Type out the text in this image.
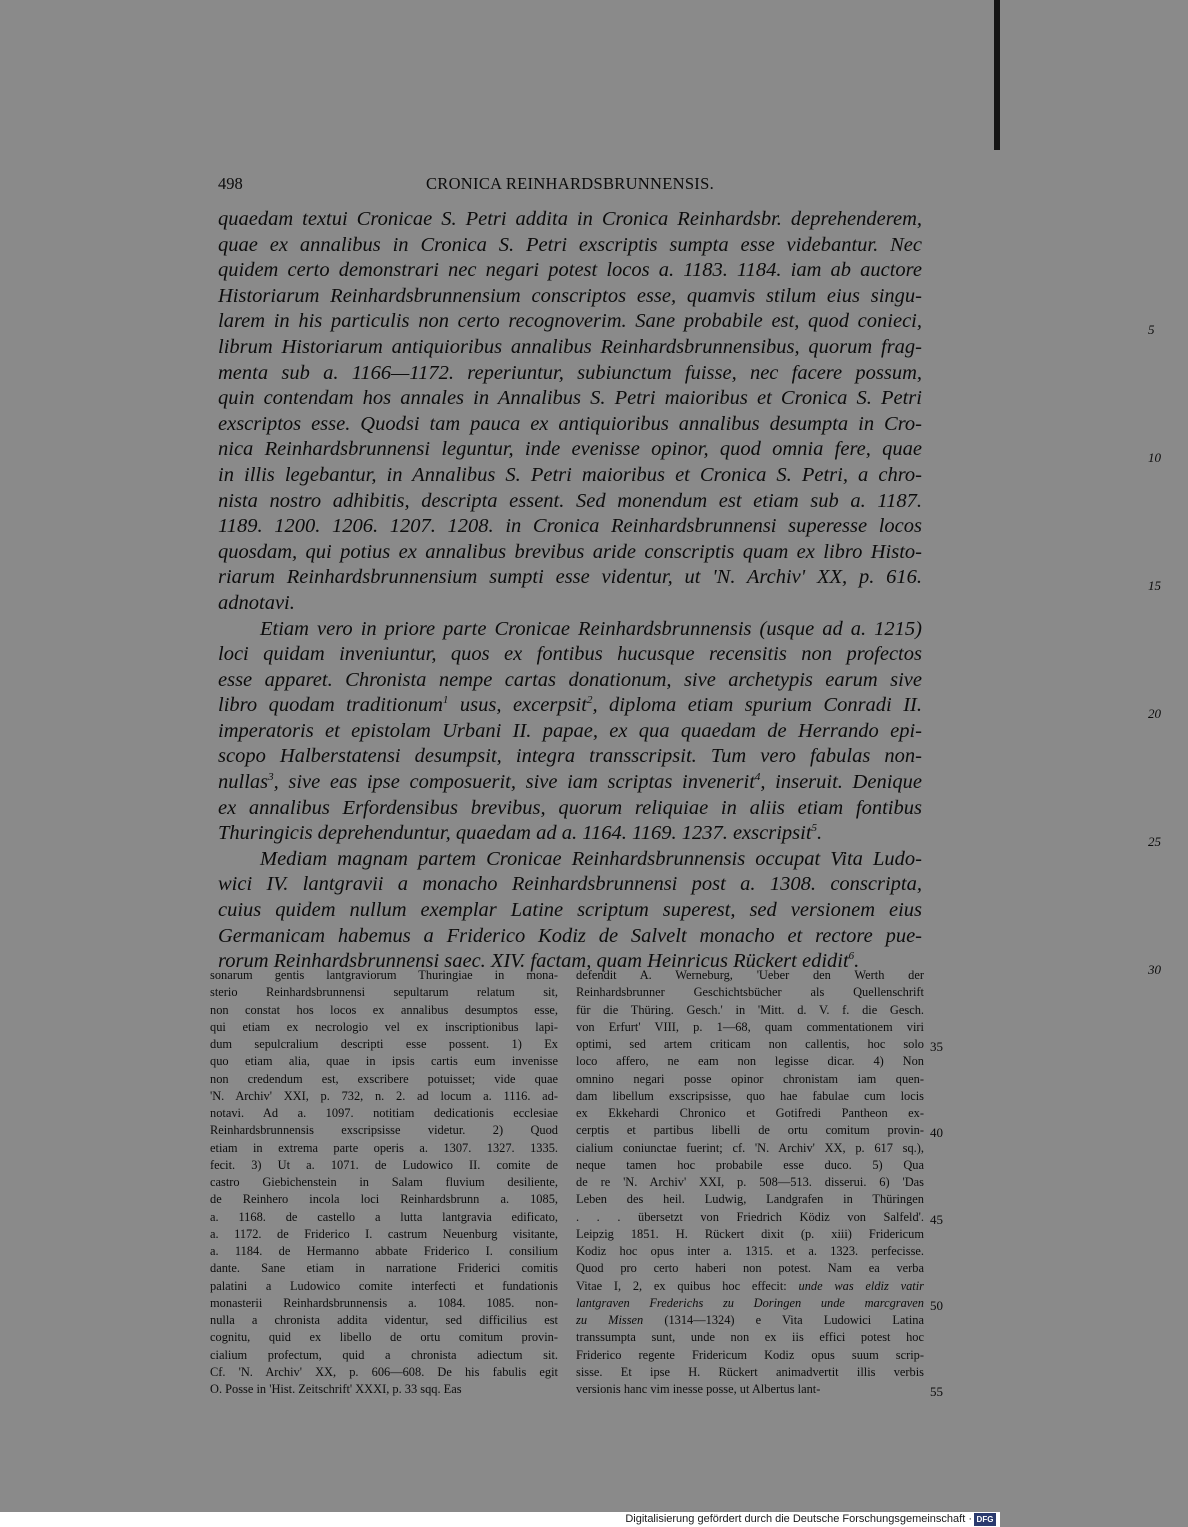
498	CRONICA REINHARDSBRUNNENSIS.
quaedam textui Cronicae S. Petri addita in Cronica Reinhardsbr. deprehenderem,
quae ex annalibus in Cronica S. Petri exscriptis sumpta esse videbantur. Nec
quidem certo demonstrari nec negari potest locos a. 1183. 1184. iam ab auctore
Historiarum Reinhardsbrunnensium conscriptos esse, quamvis stilum eius singu-
larem in his particulis non certo recognoverim. Sane probabile est, quod conieci,
librum Historiarum antiquioribus annalibus Reinhardsbrunnensibus, quorum frag-
menta sub a. 1166—1172. reperiuntur, subiunctum fuisse, nec facere possum,
quin contendam hos annales in Annalibus S. Petri maioribus et Cronica S. Petri
exscriptos esse. Quodsi tam pauca ex antiquioribus annalibus desumpta in Cro-
nica Reinhardsbrunnensi leguntur, inde evenisse opinor, quod omnia fere, quae
in illis legebantur, in Annalibus S. Petri maioribus et Cronica S. Petri, a chro-
nista nostro adhibitis, descripta essent. Sed monendum est etiam sub a. 1187.
1189. 1200. 1206. 1207. 1208. in Cronica Reinhardsbrunnensi superesse locos
quosdam, qui potius ex annalibus brevibus aride conscriptis quam ex libro Histo-
riarum Reinhardsbrunnensium sumpti esse videntur, ut 'N. Archiv' XX, p. 616.
adnotavi.
Etiam vero in priore parte Cronicae Reinhardsbrunnensis (usque ad a. 1215)
loci quidam inveniuntur, quos ex fontibus hucusque recensitis non profectos
esse apparet. Chronista nempe cartas donationum, sive archetypis earum sive
libro quodam traditionum$^1$ usus, excerpsit$^2$, diploma etiam spurium Conradi II.
imperatoris et epistolam Urbani II. papae, ex qua quaedam de Herrando epi-
scopo Halberstatensi desumpsit, integra transscripsit. Tum vero fabulas non-
nullas$^3$, sive eas ipse composuerit, sive iam scriptas invenerit$^4$, inseruit. Denique
ex annalibus Erfordensibus brevibus, quorum reliquiae in aliis etiam fontibus
Thuringicis deprehenduntur, quaedam ad a. 1164. 1169. 1237. exscripsit$^5$.
Mediam magnam partem Cronicae Reinhardsbrunnensis occupat Vita Ludo-
wici IV. lantgravii a monacho Reinhardsbrunnensi post a. 1308. conscripta,
cuius quidem nullum exemplar Latine scriptum superest, sed versionem eius
Germanicam habemus a Friderico Kodiz de Salvelt monacho et rectore pue-
rorum Reinhardsbrunnensi saec. XIV. factam, quam Heinricus Rückert edidit$^6$.
5
10
15
20
25
30
sonarum gentis lantgraviorum Thuringiae in mona-
sterio Reinhardsbrunnensi sepultarum relatum sit,
non constat hos locos ex annalibus desumptos esse,
qui etiam ex necrologio vel ex inscriptionibus lapi-
dum sepulcralium descripti esse possent. 1) Ex
quo etiam alia, quae in ipsis cartis eum invenisse
non credendum est, exscribere potuisset; vide quae
'N. Archiv' XXI, p. 732, n. 2. ad locum a. 1116. ad-
notavi. Ad a. 1097. notitiam dedicationis ecclesiae
Reinhardsbrunnensis exscripsisse videtur. 2) Quod
etiam in extrema parte operis a. 1307. 1327. 1335.
fecit. 3) Ut a. 1071. de Ludowico II. comite de
castro Giebichenstein in Salam fluvium desiliente,
de Reinhero incola loci Reinhardsbrunn a. 1085,
a. 1168. de castello a lutta lantgravia edificato,
a. 1172. de Friderico I. castrum Neuenburg visitante,
a. 1184. de Hermanno abbate Friderico I. consilium
dante. Sane etiam in narratione Friderici comitis
palatini a Ludowico comite interfecti et fundationis
monasterii Reinhardsbrunnensis a. 1084. 1085. non-
nulla a chronista addita videntur, sed difficilius est
cognitu, quid ex libello de ortu comitum provin-
cialium profectum, quid a chronista adiectum sit.
Cf. 'N. Archiv' XX, p. 606—608. De his fabulis egit
O. Posse in 'Hist. Zeitschrift' XXXI, p. 33 sqq. Eas
defendit A. Werneburg, 'Ueber den Werth der
Reinhardsbrunner Geschichtsbücher als Quellenschrift
für die Thüring. Gesch.' in 'Mitt. d. V. f. die Gesch.
von Erfurt' VIII, p. 1—68, quam commentationem viri
optimi, sed artem criticam non callentis, hoc solo
loco affero, ne eam non legisse dicar. 4) Non
omnino negari posse opinor chronistam iam quen-
dam libellum exscripsisse, quo hae fabulae cum locis
ex Ekkehardi Chronico et Gotifredi Pantheon ex-
cerptis et partibus libelli de ortu comitum provin-
cialium coniunctae fuerint; cf. 'N. Archiv' XX, p. 617 sq.),
neque tamen hoc probabile esse duco. 5) Qua
de re 'N. Archiv' XXI, p. 508—513. disserui. 6) 'Das
Leben des heil. Ludwig, Landgrafen in Thüringen
. . . übersetzt von Friedrich Ködiz von Salfeld'.
Leipzig 1851. H. Rückert dixit (p. xiii) Fridericum
Kodiz hoc opus inter a. 1315. et a. 1323. perfecisse.
Quod pro certo haberi non potest. Nam ea verba
Vitae I, 2, ex quibus hoc effecit: unde was eldiz vatir
lantgraven Frederichs zu Doringen unde marcgraven
zu Missen (1314—1324) e Vita Ludowici Latina
transsumpta sunt, unde non ex iis effici potest hoc
Friderico regente Fridericum Kodiz opus suum scrip-
sisse. Et ipse H. Rückert animadvertit illis verbis
versionis hanc vim inesse posse, ut Albertus lant-
35
40
45
50
55
Digitalisierung gefördert durch die Deutsche Forschungsgemeinschaft · DFG
